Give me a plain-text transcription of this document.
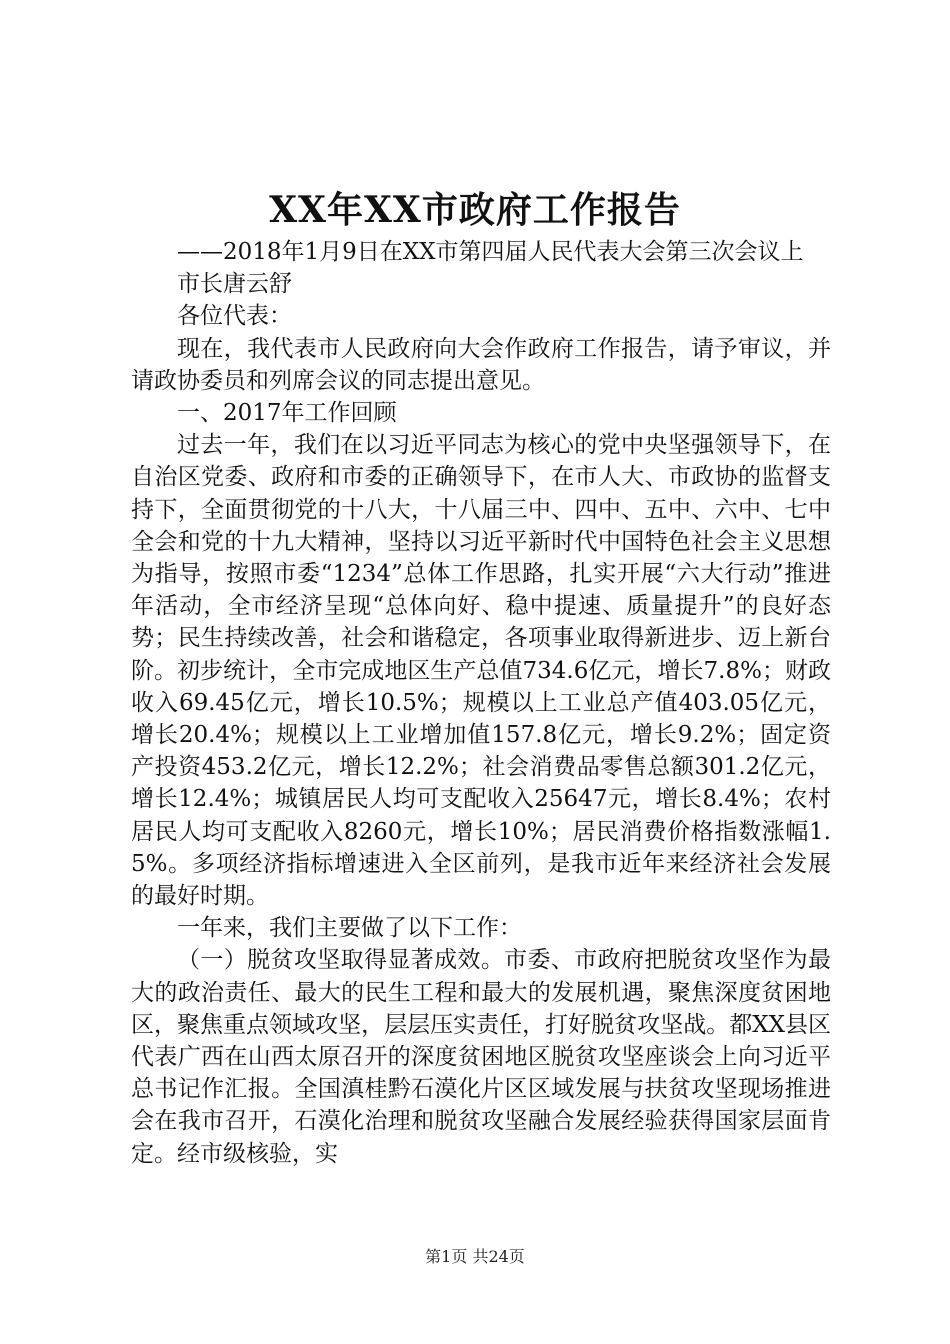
XX年XX市政府工作报告

——2018年1月9日在XX市第四届人民代表大会第三次会议上

市长唐云舒

各位代表：

现在，我代表市人民政府向大会作政府工作报告，请予审议，并请政协委员和列席会议的同志提出意见。

一、2017年工作回顾

过去一年，我们在以习近平同志为核心的党中央坚强领导下，在自治区党委、政府和市委的正确领导下，在市人大、市政协的监督支持下，全面贯彻党的十八大，十八届三中、四中、五中、六中、七中全会和党的十九大精神，坚持以习近平新时代中国特色社会主义思想为指导，按照市委“1234”总体工作思路，扎实开展“六大行动”推进年活动，全市经济呈现“总体向好、稳中提速、质量提升”的良好态势；民生持续改善，社会和谐稳定，各项事业取得新进步、迈上新台阶。初步统计，全市完成地区生产总值734.6亿元，增长7.8%；财政收入69.45亿元，增长10.5%；规模以上工业总产值403.05亿元，增长20.4%；规模以上工业增加值157.8亿元，增长9.2%；固定资产投资453.2亿元，增长12.2%；社会消费品零售总额301.2亿元，增长12.4%；城镇居民人均可支配收入25647元，增长8.4%；农村居民人均可支配收入8260元，增长10%；居民消费价格指数涨幅1.5%。多项经济指标增速进入全区前列，是我市近年来经济社会发展的最好时期。

一年来，我们主要做了以下工作：

（一）脱贫攻坚取得显著成效。市委、市政府把脱贫攻坚作为最大的政治责任、最大的民生工程和最大的发展机遇，聚焦深度贫困地区，聚焦重点领域攻坚，层层压实责任，打好脱贫攻坚战。都XX县区代表广西在山西太原召开的深度贫困地区脱贫攻坚座谈会上向习近平总书记作汇报。全国滇桂黔石漠化片区区域发展与扶贫攻坚现场推进会在我市召开，石漠化治理和脱贫攻坚融合发展经验获得国家层面肯定。经市级核验，实

第1页 共24页
